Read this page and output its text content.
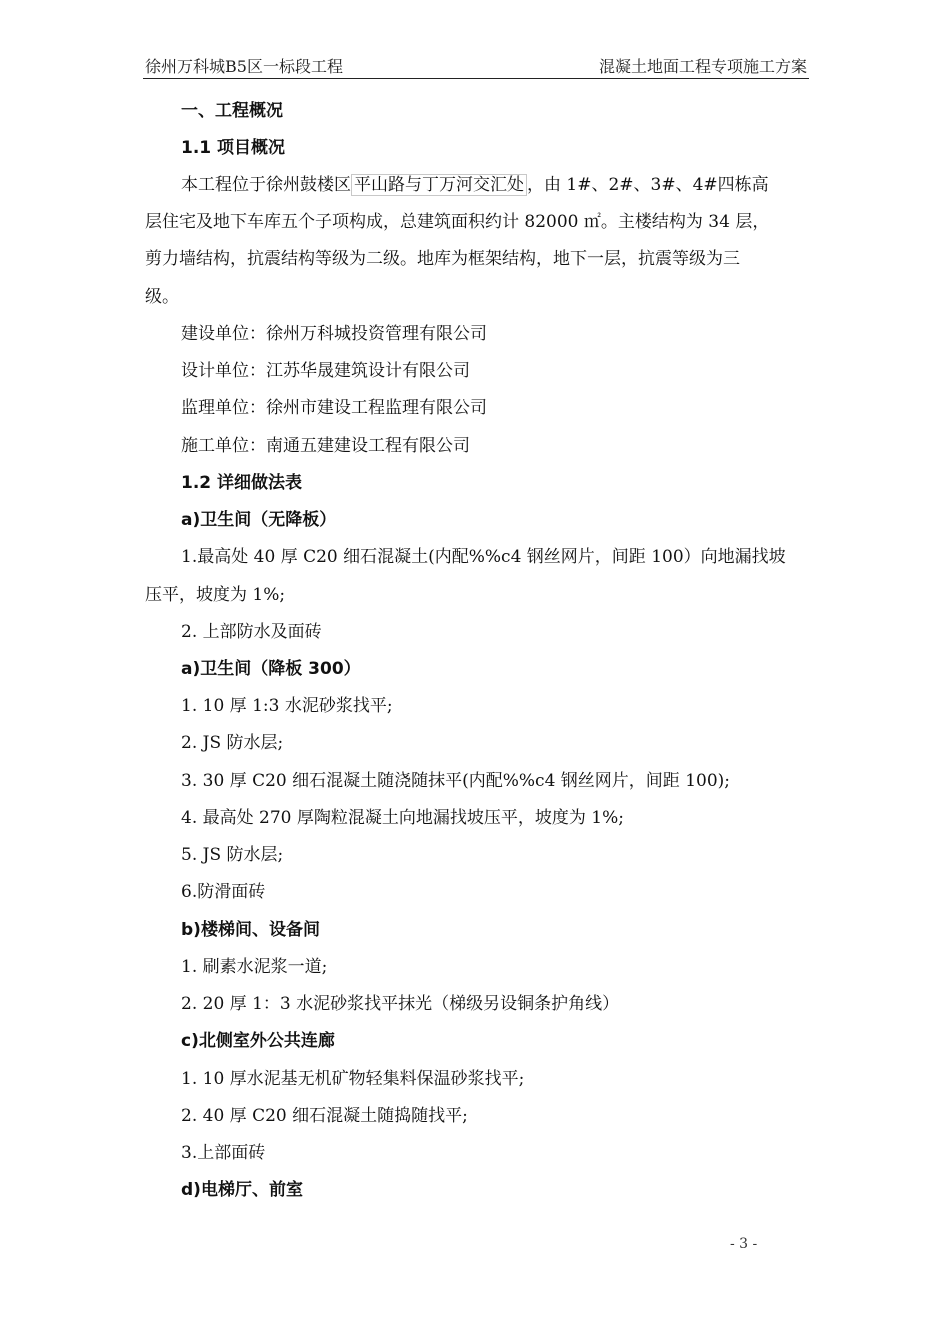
徐州万科城B5区一标段工程	混凝土地面工程专项施工方案
一、工程概况
1.1 项目概况
本工程位于徐州鼓楼区 平山路与丁万河交汇处 ，由 1#、2#、3#、4#四栋高
层住宅及地下车库五个子项构成，总建筑面积约计 82000 ㎡。主楼结构为 34 层，
剪力墙结构，抗震结构等级为二级。地库为框架结构，地下一层，抗震等级为三
级。
建设单位：徐州万科城投资管理有限公司
设计单位：江苏华晟建筑设计有限公司
监理单位：徐州市建设工程监理有限公司
施工单位：南通五建建设工程有限公司
1.2 详细做法表
a)卫生间（无降板）
1.最高处 40 厚 C20 细石混凝土(内配%%c4 钢丝网片，间距 100）向地漏找坡
压平，坡度为 1%;
2. 上部防水及面砖
a)卫生间（降板 300）
1. 10 厚 1:3 水泥砂浆找平;
2. JS 防水层;
3. 30 厚 C20 细石混凝土随浇随抹平(内配%%c4 钢丝网片，间距 100);
4. 最高处 270 厚陶粒混凝土向地漏找坡压平，坡度为 1%;
5. JS 防水层;
6.防滑面砖
b)楼梯间、设备间
1. 刷素水泥浆一道;
2. 20 厚 1：3 水泥砂浆找平抹光（梯级另设铜条护角线）
c)北侧室外公共连廊
1. 10 厚水泥基无机矿物轻集料保温砂浆找平;
2. 40 厚 C20 细石混凝土随捣随找平;
3.上部面砖
d)电梯厅、前室
- 3 -
